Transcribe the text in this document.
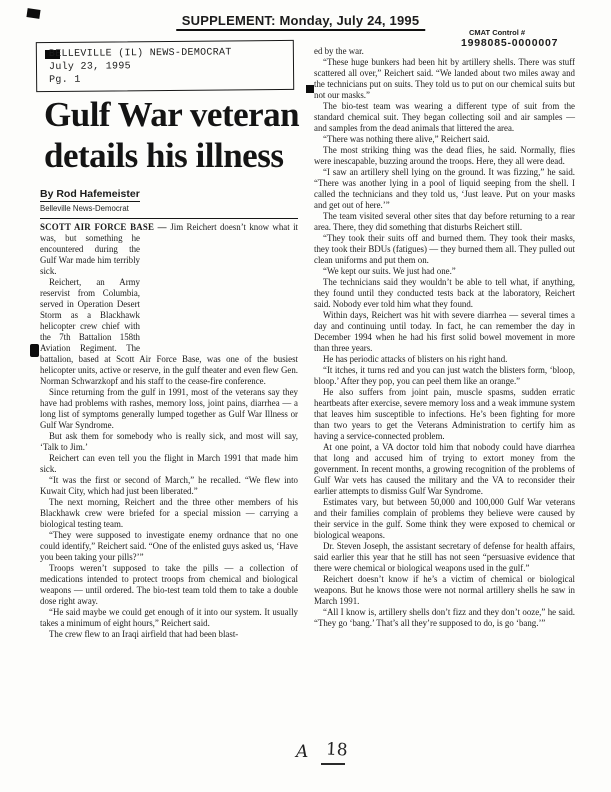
SUPPLEMENT: Monday, July 24, 1995
CMAT Control #
1998085-0000007
BELLEVILLE (IL) NEWS-DEMOCRAT
July 23, 1995
Pg. 1
Gulf War veteran
details his illness
By Rod Hafemeister
Belleville News-Democrat

SCOTT AIR FORCE BASE — Jim Reichert doesn’t know what it
was, but something he encountered during the Gulf War made him terribly sick.

Reichert, an Army reservist from Columbia, served in Operation Desert Storm as a Blackhawk helicopter crew chief with the 7th Battalion 158th Aviation Regiment. The battalion, based at Scott Air Force Base, was one of the busiest helicopter units, active or reserve, in the gulf theater and even flew Gen. Norman Schwarzkopf and his staff to the cease-fire conference.

Since returning from the gulf in 1991, most of the veterans say they have had problems with rashes, memory loss, joint pains, diarrhea — a long list of symptoms generally lumped together as Gulf War Illness or Gulf War Syndrome.

But ask them for somebody who is really sick, and most will say, ‘Talk to Jim.’

Reichert can even tell you the flight in March 1991 that made him sick.

“It was the first or second of March,” he recalled. “We flew into Kuwait City, which had just been liberated.”

The next morning, Reichert and the three other members of his Blackhawk crew were briefed for a special mission — carrying a biological testing team.

“They were supposed to investigate enemy ordnance that no one could identify,” Reichert said. “One of the enlisted guys asked us, ‘Have you been taking your pills?’”

Troops weren’t supposed to take the pills — a collection of medications intended to protect troops from chemical and biological weapons — until ordered. The bio-test team told them to take a double dose right away.

“He said maybe we could get enough of it into our system. It usually takes a minimum of eight hours,” Reichert said.

The crew flew to an Iraqi airfield that had been blast-

ed by the war.

“These huge bunkers had been hit by artillery shells. There was stuff scattered all over,” Reichert said. “We landed about two miles away and the technicians put on suits. They told us to put on our chemical suits but not our masks.”

The bio-test team was wearing a different type of suit from the standard chemical suit. They began collecting soil and air samples — and samples from the dead animals that littered the area.

“There was nothing there alive,” Reichert said.

The most striking thing was the dead flies, he said. Normally, flies were inescapable, buzzing around the troops. Here, they all were dead.

“I saw an artillery shell lying on the ground. It was fizzing,” he said. “There was another lying in a pool of liquid seeping from the shell. I called the technicians and they told us, ‘Just leave. Put on your masks and get out of here.’”

The team visited several other sites that day before returning to a rear area. There, they did something that disturbs Reichert still.

“They took their suits off and burned them. They took their masks, they took their BDUs (fatigues) — they burned them all. They pulled out clean uniforms and put them on.

“We kept our suits. We just had one.”

The technicians said they wouldn’t be able to tell what, if anything, they found until they conducted tests back at the laboratory, Reichert said. Nobody ever told him what they found.

Within days, Reichert was hit with severe diarrhea — several times a day and continuing until today. In fact, he can remember the day in December 1994 when he had his first solid bowel movement in more than three years.

He has periodic attacks of blisters on his right hand.

“It itches, it turns red and you can just watch the blisters form, ‘bloop, bloop.’ After they pop, you can peel them like an orange.”

He also suffers from joint pain, muscle spasms, sudden erratic heartbeats after exercise, severe memory loss and a weak immune system that leaves him susceptible to infections. He’s been fighting for more than two years to get the Veterans Administration to certify him as having a service-connected problem.

At one point, a VA doctor told him that nobody could have diarrhea that long and accused him of trying to extort money from the government. In recent months, a growing recognition of the problems of Gulf War vets has caused the military and the VA to reconsider their earlier attempts to dismiss Gulf War Syndrome.

Estimates vary, but between 50,000 and 100,000 Gulf War veterans and their families complain of problems they believe were caused by their service in the gulf. Some think they were exposed to chemical or biological weapons.

Dr. Steven Joseph, the assistant secretary of defense for health affairs, said earlier this year that he still has not seen “persuasive evidence that there were chemical or biological weapons used in the gulf.”

Reichert doesn’t know if he’s a victim of chemical or biological weapons. But he knows those were not normal artillery shells he saw in March 1991.

“All I know is, artillery shells don’t fizz and they don’t ooze,” he said. “They go ‘bang.’ That’s all they’re supposed to do, is go ‘bang.’”

A 18
